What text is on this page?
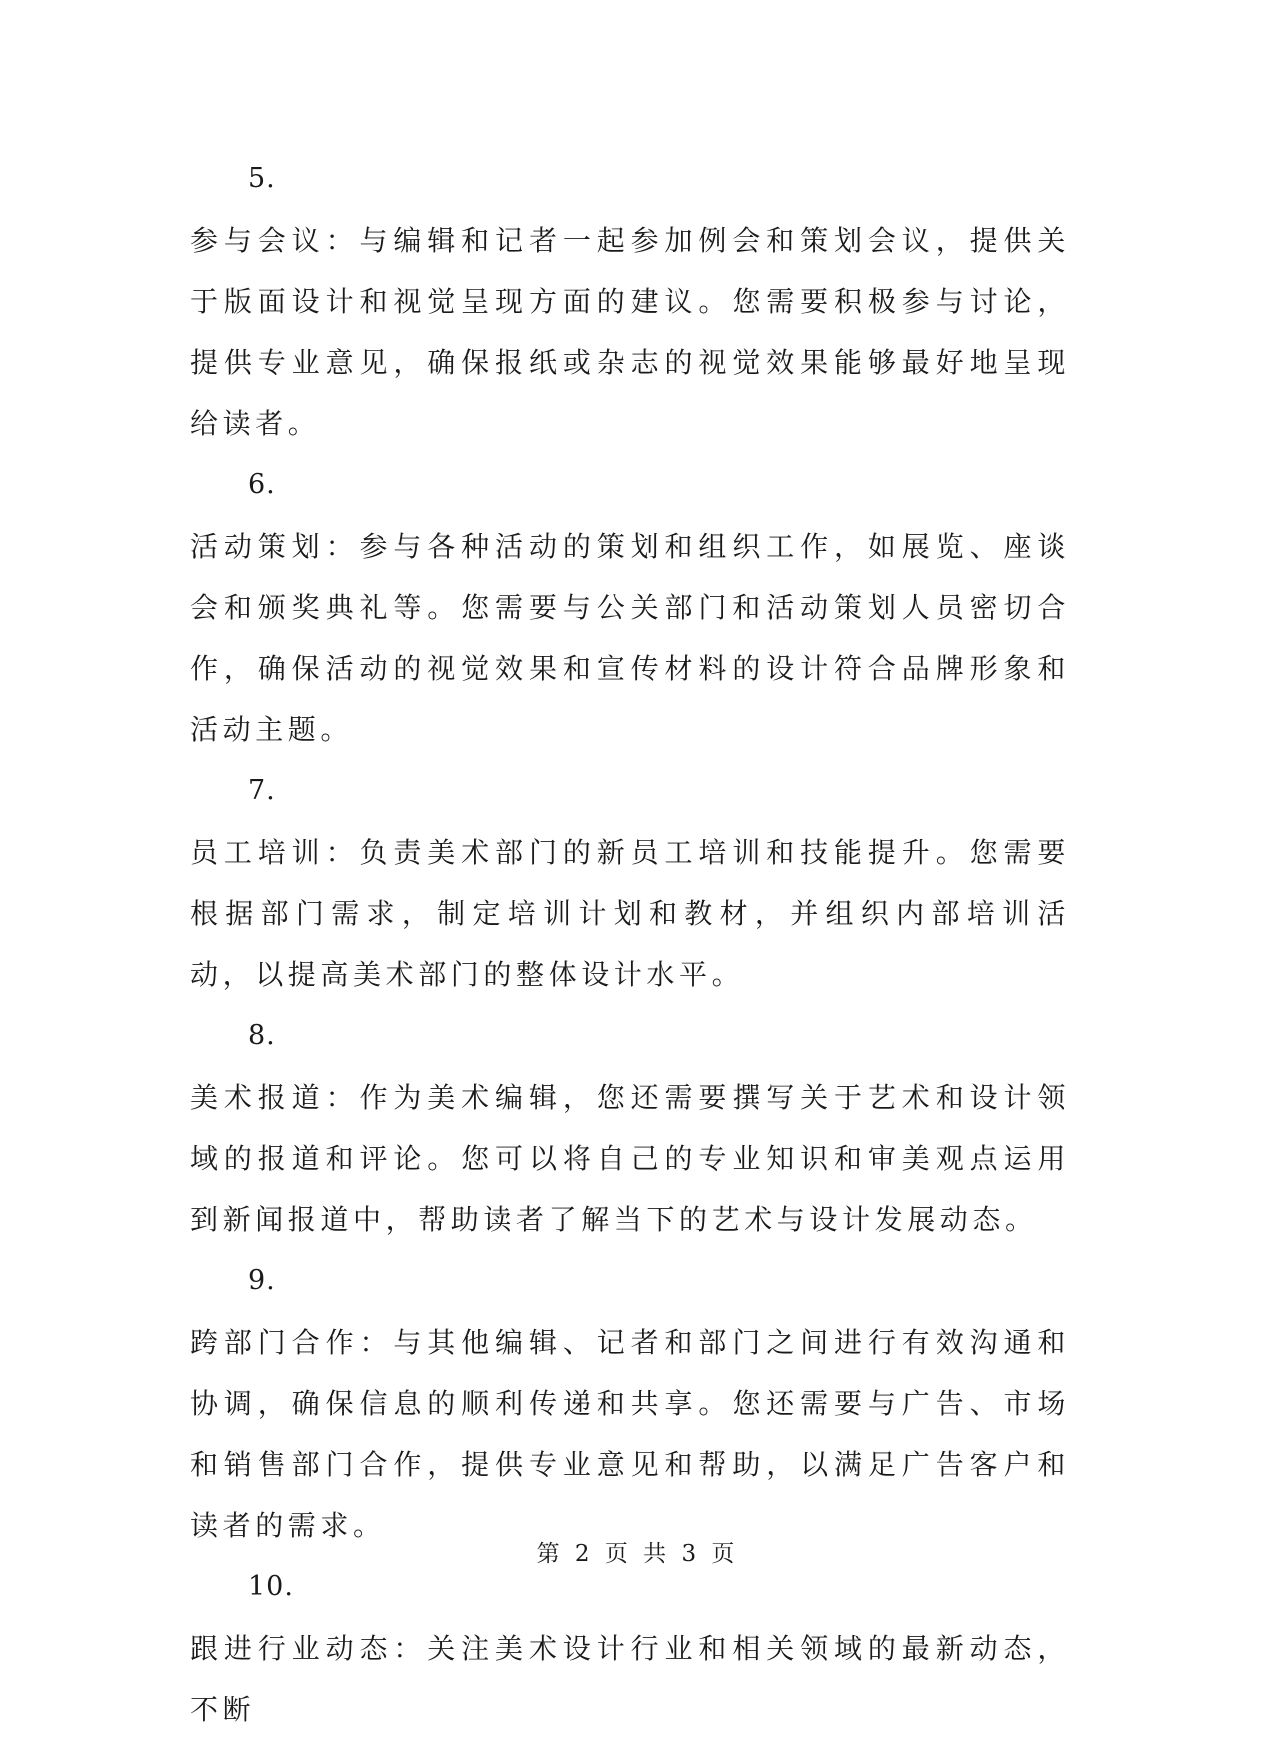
5.

参与会议：与编辑和记者一起参加例会和策划会议，提供关于版面设计和视觉呈现方面的建议。您需要积极参与讨论，提供专业意见，确保报纸或杂志的视觉效果能够最好地呈现给读者。

6.

活动策划：参与各种活动的策划和组织工作，如展览、座谈会和颁奖典礼等。您需要与公关部门和活动策划人员密切合作，确保活动的视觉效果和宣传材料的设计符合品牌形象和活动主题。

7.

员工培训：负责美术部门的新员工培训和技能提升。您需要根据部门需求，制定培训计划和教材，并组织内部培训活动，以提高美术部门的整体设计水平。

8.

美术报道：作为美术编辑，您还需要撰写关于艺术和设计领域的报道和评论。您可以将自己的专业知识和审美观点运用到新闻报道中，帮助读者了解当下的艺术与设计发展动态。

9.

跨部门合作：与其他编辑、记者和部门之间进行有效沟通和协调，确保信息的顺利传递和共享。您还需要与广告、市场和销售部门合作，提供专业意见和帮助，以满足广告客户和读者的需求。

10.

跟进行业动态：关注美术设计行业和相关领域的最新动态，不断

第 2 页 共 3 页
